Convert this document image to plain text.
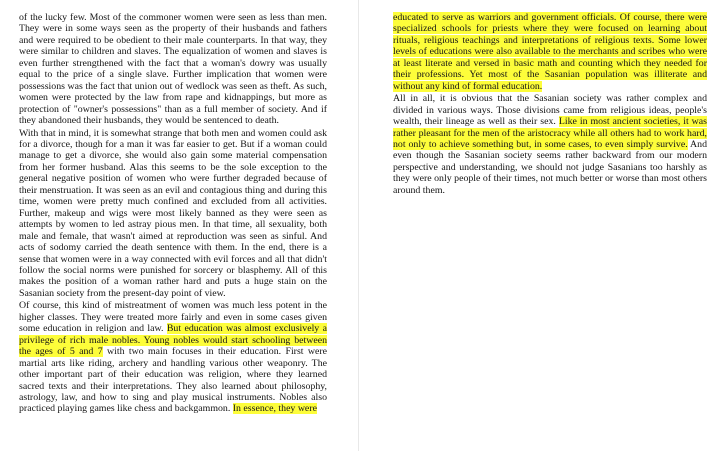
of the lucky few. Most of the commoner women were seen as less than men. They were in some ways seen as the property of their husbands and fathers and were required to be obedient to their male counterparts. In that way, they were similar to children and slaves. The equalization of women and slaves is even further strengthened with the fact that a woman's dowry was usually equal to the price of a single slave. Further implication that women were possessions was the fact that union out of wedlock was seen as theft. As such, women were protected by the law from rape and kidnappings, but more as protection of "owner's possessions" than as a full member of society. And if they abandoned their husbands, they would be sentenced to death.

With that in mind, it is somewhat strange that both men and women could ask for a divorce, though for a man it was far easier to get. But if a woman could manage to get a divorce, she would also gain some material compensation from her former husband. Alas this seems to be the sole exception to the general negative position of women who were further degraded because of their menstruation. It was seen as an evil and contagious thing and during this time, women were pretty much confined and excluded from all activities. Further, makeup and wigs were most likely banned as they were seen as attempts by women to led astray pious men. In that time, all sexuality, both male and female, that wasn't aimed at reproduction was seen as sinful. And acts of sodomy carried the death sentence with them. In the end, there is a sense that women were in a way connected with evil forces and all that didn't follow the social norms were punished for sorcery or blasphemy. All of this makes the position of a woman rather hard and puts a huge stain on the Sasanian society from the present-day point of view.

Of course, this kind of mistreatment of women was much less potent in the higher classes. They were treated more fairly and even in some cases given some education in religion and law. But education was almost exclusively a privilege of rich male nobles. Young nobles would start schooling between the ages of 5 and 7 with two main focuses in their education. First were martial arts like riding, archery and handling various other weaponry. The other important part of their education was religion, where they learned sacred texts and their interpretations. They also learned about philosophy, astrology, law, and how to sing and play musical instruments. Nobles also practiced playing games like chess and backgammon. In essence, they were

educated to serve as warriors and government officials. Of course, there were specialized schools for priests where they were focused on learning about rituals, religious teachings and interpretations of religious texts. Some lower levels of educations were also available to the merchants and scribes who were at least literate and versed in basic math and counting which they needed for their professions. Yet most of the Sasanian population was illiterate and without any kind of formal education.

All in all, it is obvious that the Sasanian society was rather complex and divided in various ways. Those divisions came from religious ideas, people's wealth, their lineage as well as their sex. Like in most ancient societies, it was rather pleasant for the men of the aristocracy while all others had to work hard, not only to achieve something but, in some cases, to even simply survive. And even though the Sasanian society seems rather backward from our modern perspective and understanding, we should not judge Sasanians too harshly as they were only people of their times, not much better or worse than most others around them.
